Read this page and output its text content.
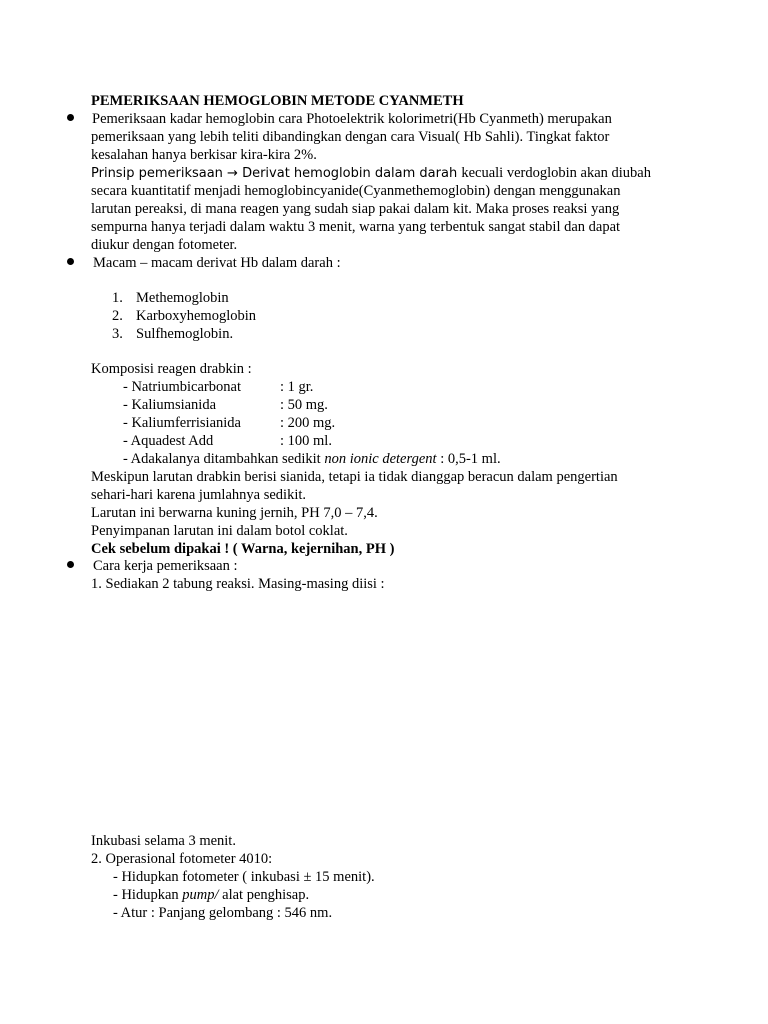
PEMERIKSAAN HEMOGLOBIN METODE CYANMETH
Pemeriksaan kadar hemoglobin cara Photoelektrik kolorimetri(Hb Cyanmeth) merupakan
pemeriksaan yang lebih teliti dibandingkan dengan cara Visual( Hb Sahli). Tingkat faktor
kesalahan hanya berkisar kira-kira 2%.
Prinsip pemeriksaan → Derivat hemoglobin dalam darah kecuali verdoglobin akan diubah
secara kuantitatif menjadi hemoglobincyanide(Cyanmethemoglobin) dengan menggunakan
larutan pereaksi, di mana reagen yang sudah siap pakai dalam kit. Maka proses reaksi yang
sempurna hanya terjadi dalam waktu 3 menit, warna yang terbentuk sangat stabil dan dapat
diukur dengan fotometer.
Macam – macam derivat Hb dalam darah :
1. Methemoglobin
2. Karboxyhemoglobin
3. Sulfhemoglobin.
Komposisi reagen drabkin :
- Natriumbicarbonat	: 1 gr.
- Kaliumsianida	: 50 mg.
- Kaliumferrisianida	: 200 mg.
- Aquadest Add	: 100 ml.
- Adakalanya ditambahkan sedikit non ionic detergent : 0,5-1 ml.
Meskipun larutan drabkin berisi sianida, tetapi ia tidak dianggap beracun dalam pengertian
sehari-hari karena jumlahnya sedikit.
Larutan ini berwarna kuning jernih, PH 7,0 – 7,4.
Penyimpanan larutan ini dalam botol coklat.
Cek sebelum dipakai ! ( Warna, kejernihan, PH )
Cara kerja pemeriksaan :
1. Sediakan 2 tabung reaksi. Masing-masing diisi :
Inkubasi selama 3 menit.
2. Operasional fotometer 4010:
- Hidupkan fotometer ( inkubasi ± 15 menit).
- Hidupkan pump/ alat penghisap.
- Atur : Panjang gelombang : 546 nm.
